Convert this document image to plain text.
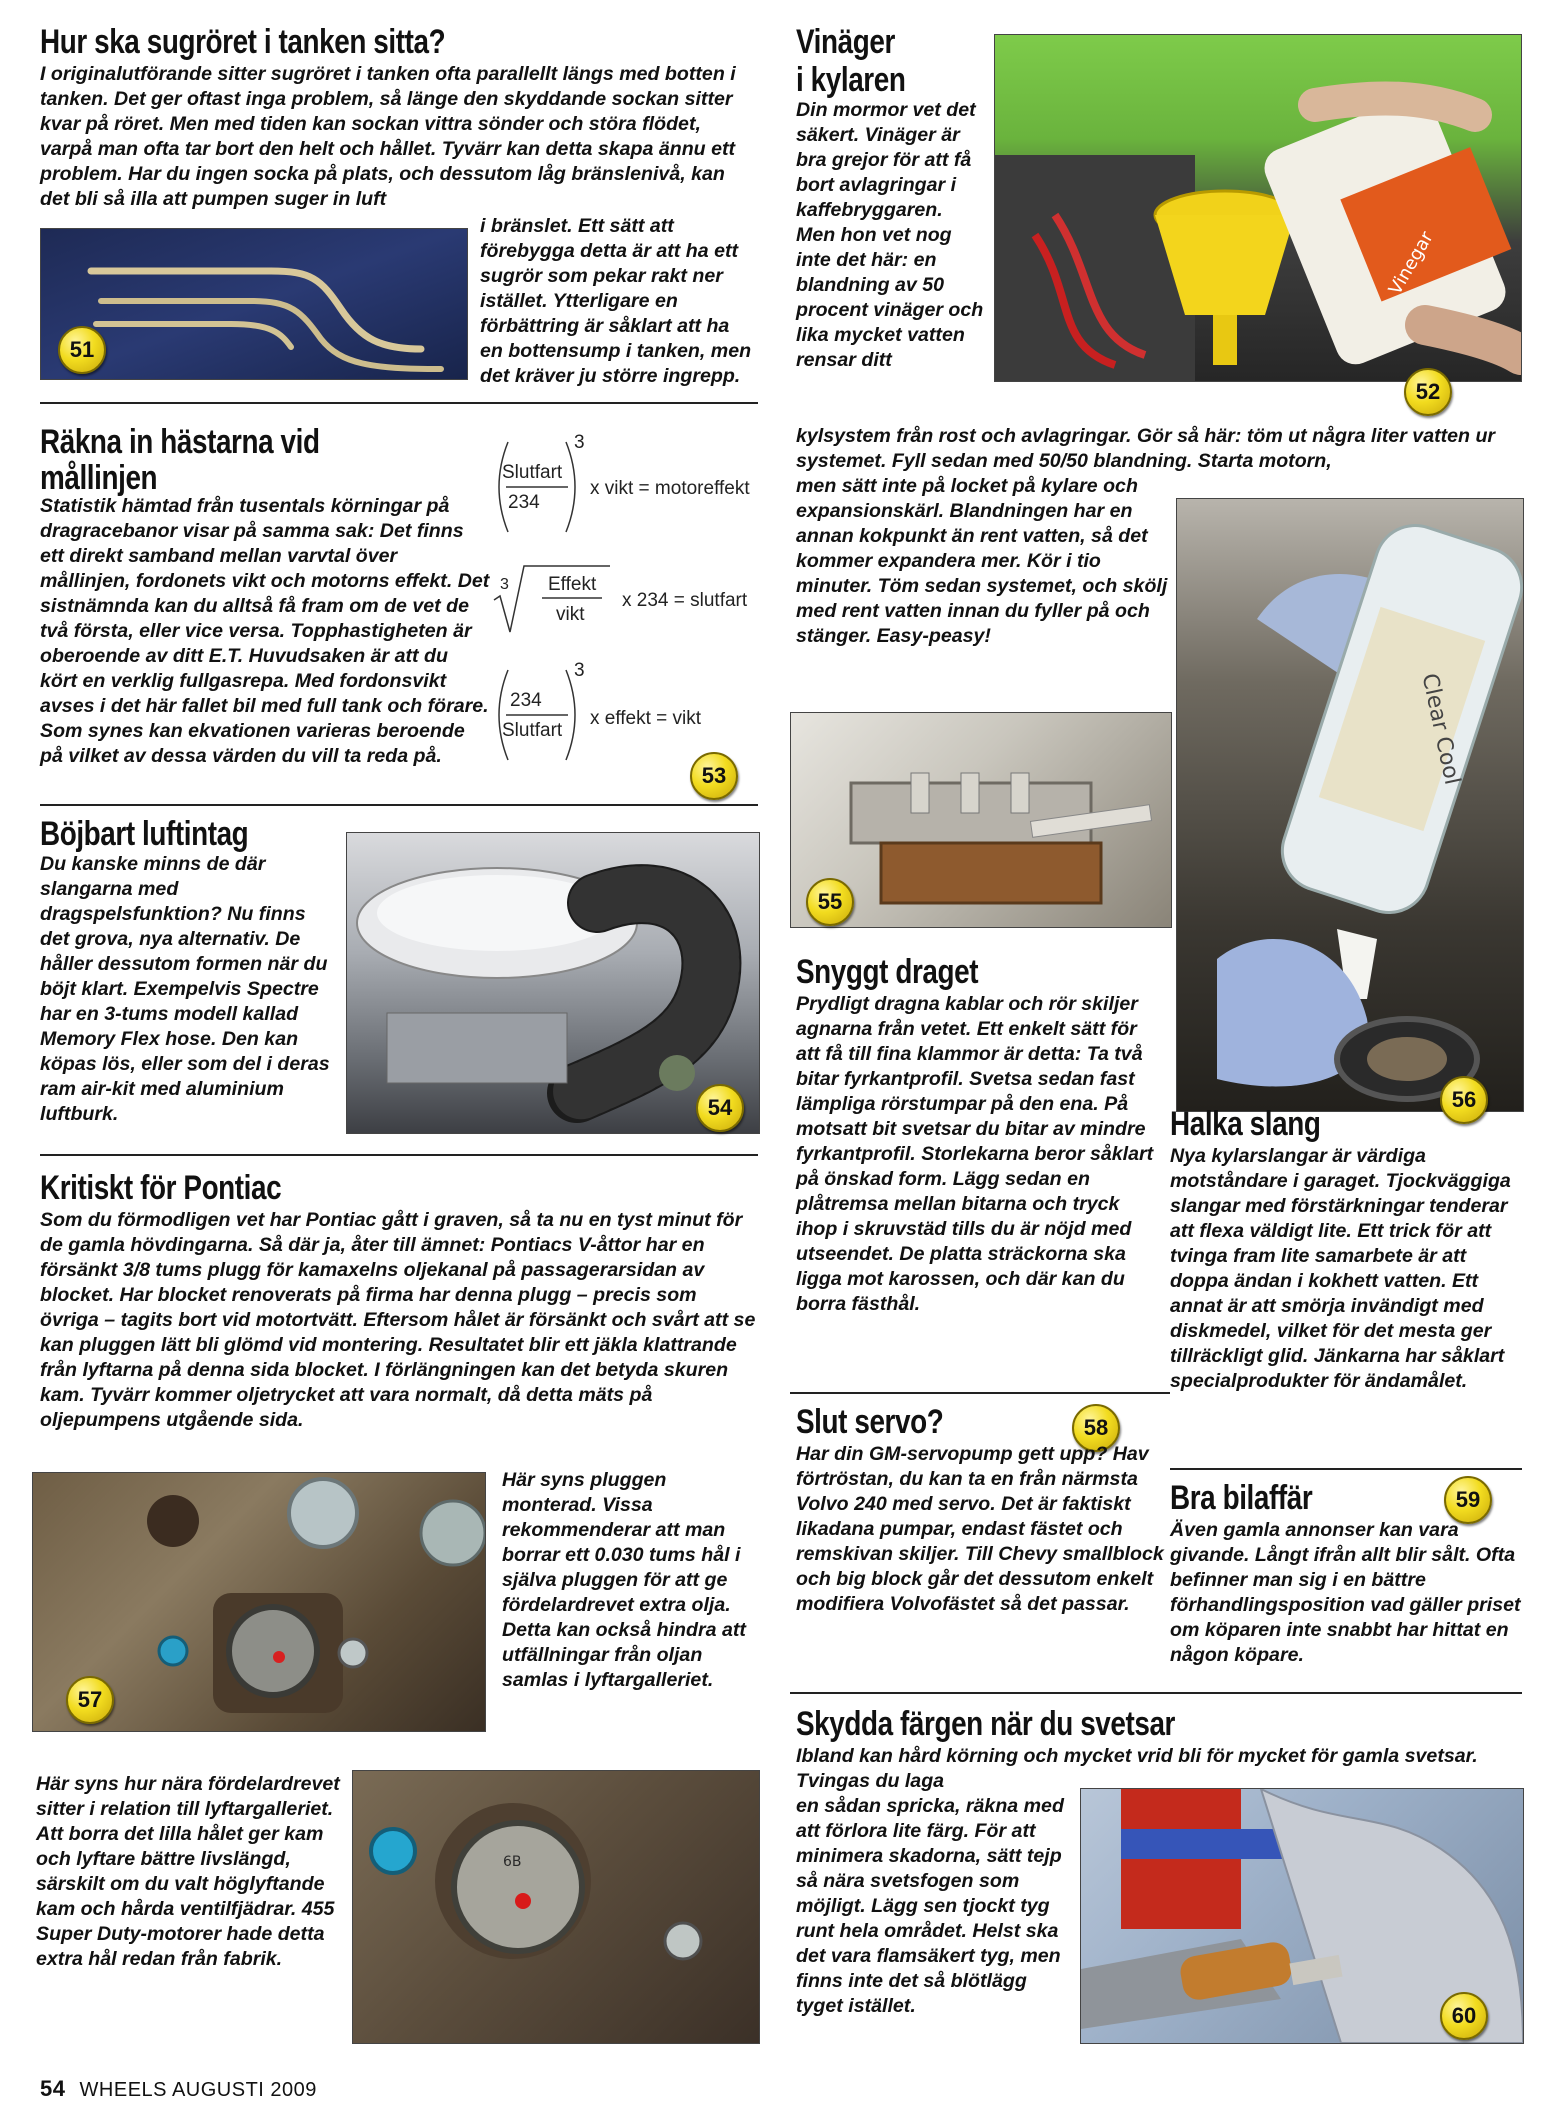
Hur ska sugröret i tanken sitta?
I originalutförande sitter sugröret i tanken ofta parallellt längs med botten i tanken. Det ger oftast inga problem, så länge den skyddande sockan sitter kvar på röret. Men med tiden kan sockan vittra sönder och störa flödet, varpå man ofta tar bort den helt och hållet. Tyvärr kan detta skapa ännu ett problem. Har du ingen socka på plats, och dessutom låg bränslenivå, kan det bli så illa att pumpen suger in luft
51
i bränslet. Ett sätt att förebygga detta är att ha ett sugrör som pekar rakt ner istället. Ytterligare en förbättring är såklart att ha en bottensump i tanken, men det kräver ju större ingrepp.
Räkna in hästarna vid mållinjen
Statistik hämtad från tusentals körningar på dragracebanor visar på samma sak: Det finns ett direkt samband mellan varvtal över mållinjen, fordonets vikt och motorns effekt. Det sistnämnda kan du alltså få fram om de vet de två första, eller vice versa. Topphastigheten är oberoende av ditt E.T. Huvudsaken är att du kört en verklig fullgasrepa. Med fordonsvikt avses i det här fallet bil med full tank och förare. Som synes kan ekvationen varieras beroende på vilket av dessa värden du vill ta reda på.
Slutfart
234
3
x vikt = motoreffekt
3 Effekt
vikt
x 234 = slutfart
234
Slutfart
3
x effekt = vikt
53
Böjbart luftintag
Du kanske minns de där slangarna med dragspelsfunktion? Nu finns det grova, nya alternativ. De håller dessutom formen när du böjt klart. Exempelvis Spectre har en 3-tums modell kallad Memory Flex hose. Den kan köpas lös, eller som del i deras ram air-kit med aluminium luftburk.	54
Kritiskt för Pontiac
Som du förmodligen vet har Pontiac gått i graven, så ta nu en tyst minut för de gamla hövdingarna. Så där ja, åter till ämnet: Pontiacs V-åttor har en försänkt 3/8 tums plugg för kamaxelns oljekanal på passagerarsidan av blocket. Har blocket renoverats på firma har denna plugg – precis som övriga – tagits bort vid motortvätt. Eftersom hålet är försänkt och svårt att se kan pluggen lätt bli glömd vid montering. Resultatet blir ett jäkla klattrande från lyftarna på denna sida blocket. I förlängningen kan det betyda skuren kam. Tyvärr kommer oljetrycket att vara normalt, då detta mäts på oljepumpens utgående sida.
57
Här syns pluggen monterad. Vissa rekommenderar att man borrar ett 0.030 tums hål i själva pluggen för att ge fördelardrevet extra olja. Detta kan också hindra att utfällningar från oljan samlas i lyftargalleriet.
Här syns hur nära fördelardrevet sitter i relation till lyftargalleriet. Att borra det lilla hålet ger kam och lyftare bättre livslängd, särskilt om du valt höglyftande kam och hårda ventilfjädrar. 455 Super Duty-motorer hade detta extra hål redan från fabrik.
6B
Vinäger
i kylaren
Din mormor vet det säkert. Vinäger är bra grejor för att få bort avlagringar i kaffebryggaren. Men hon vet nog inte det här: en blandning av 50 procent vinäger och lika mycket vatten rensar ditt
Vinegar
52
kylsystem från rost och avlagringar. Gör så här: töm ut några liter vatten ur systemet. Fyll sedan med 50/50 blandning. Starta motorn,
men sätt inte på locket på kylare och expansionskärl. Blandningen har en annan kokpunkt än rent vatten, så det kommer expandera mer. Kör i tio minuter. Töm sedan systemet, och skölj med rent vatten innan du fyller på och stänger. Easy-peasy!
Clear Cool
56
55
Snyggt draget
Prydligt dragna kablar och rör skiljer agnarna från vetet. Ett enkelt sätt för att få till fina klammor är detta: Ta två bitar fyrkantprofil. Svetsa sedan fast lämpliga rörstumpar på den ena. På motsatt bit svetsar du bitar av mindre fyrkantprofil. Storlekarna beror såklart på önskad form. Lägg sedan en plåtremsa mellan bitarna och tryck ihop i skruvstäd tills du är nöjd med utseendet. De platta sträckorna ska ligga mot karossen, och där kan du borra fästhål.
Slut servo?	58
Har din GM-servopump gett upp? Hav förtröstan, du kan ta en från närmsta Volvo 240 med servo. Det är faktiskt likadana pumpar, endast fästet och remskivan skiljer. Till Chevy smallblock och big block går det dessutom enkelt modifiera Volvofästet så det passar.
Halka slang
Nya kylarslangar är värdiga motståndare i garaget. Tjockväggiga slangar med förstärkningar tenderar att flexa väldigt lite. Ett trick för att tvinga fram lite samarbete är att doppa ändan i kokhett vatten. Ett annat är att smörja invändigt med diskmedel, vilket för det mesta ger tillräckligt glid. Jänkarna har såklart specialprodukter för ändamålet.
Bra bilaffär	59
Även gamla annonser kan vara givande. Långt ifrån allt blir sålt. Ofta befinner man sig i en bättre förhandlingsposition vad gäller priset om köparen inte snabbt har hittat en någon köpare.
Skydda färgen när du svetsar
Ibland kan hård körning och mycket vrid bli för mycket för gamla svetsar. Tvingas du laga
en sådan spricka, räkna med att förlora lite färg. För att minimera skadorna, sätt tejp så nära svetsfogen som möjligt. Lägg sen tjockt tyg runt hela området. Helst ska det vara flamsäkert tyg, men finns inte det så blötlägg tyget istället.	60
54 WHEELS AUGUSTI 2009
